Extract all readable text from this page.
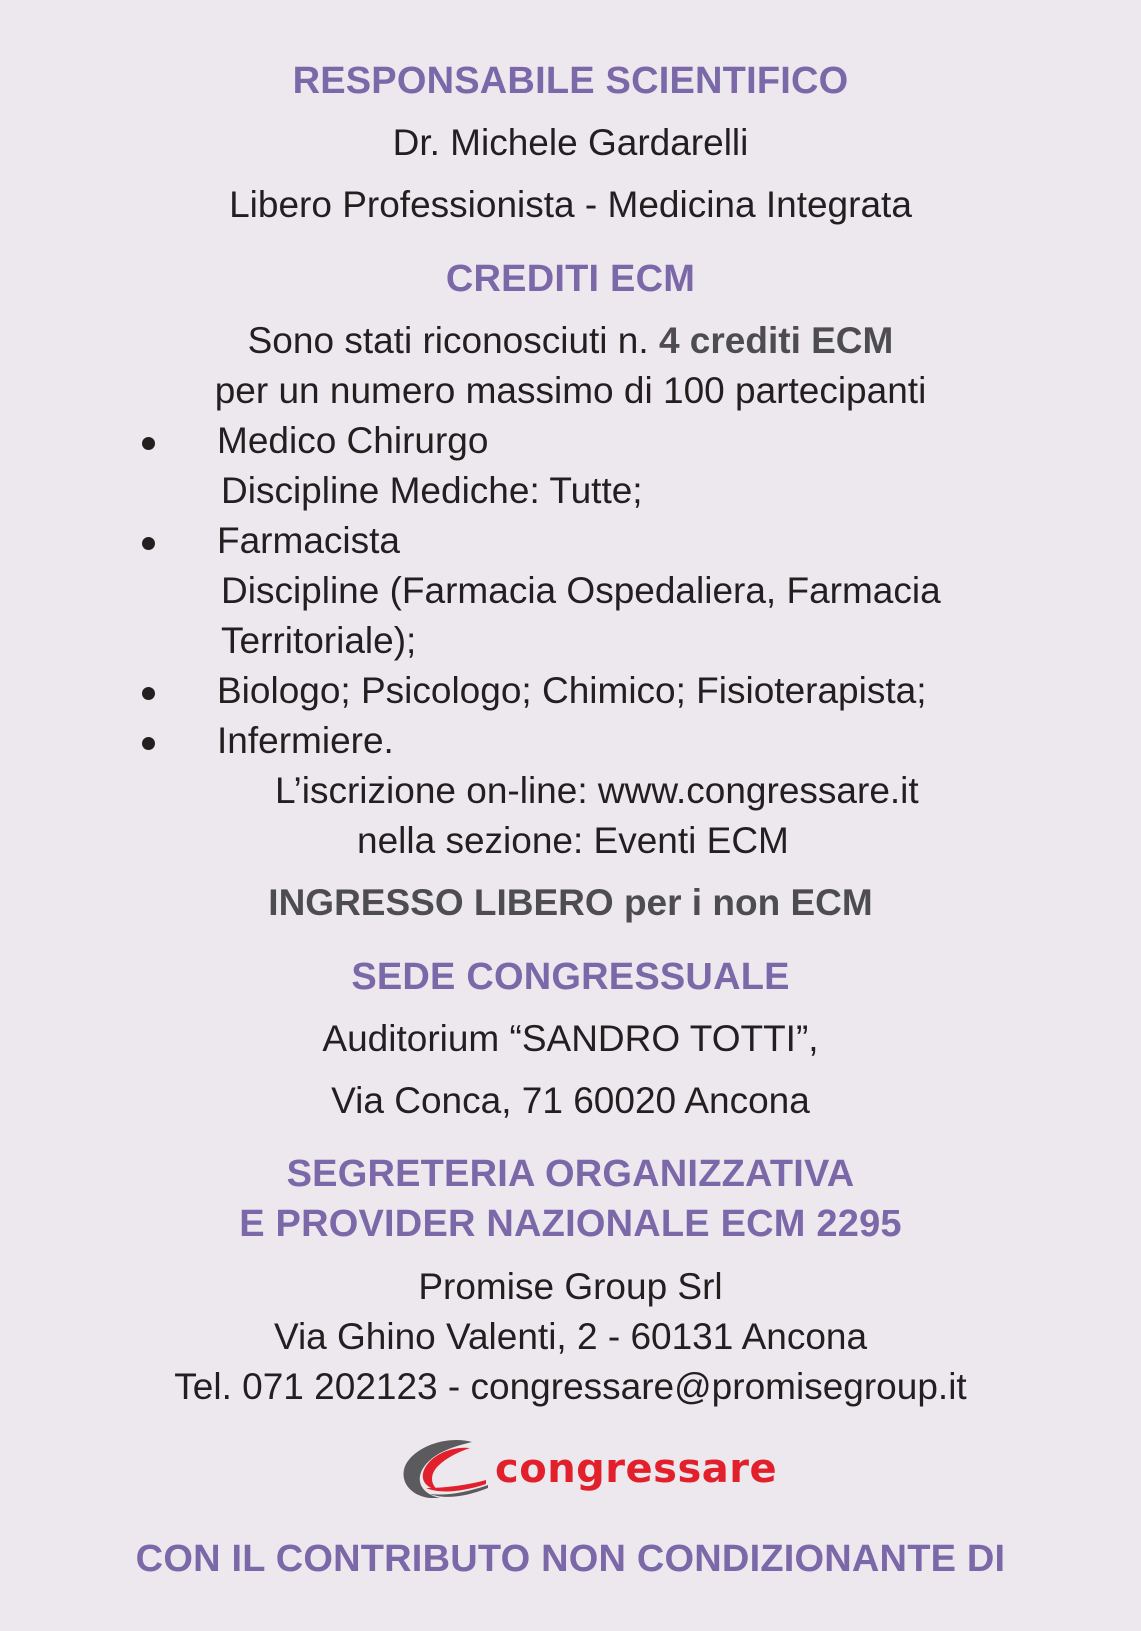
RESPONSABILE SCIENTIFICO
Dr. Michele Gardarelli
Libero Professionista - Medicina Integrata
CREDITI ECM
Sono stati riconosciuti n. 4 crediti ECM
per un numero massimo di 100 partecipanti
Medico Chirurgo
Discipline Mediche: Tutte;
Farmacista
Discipline (Farmacia Ospedaliera, Farmacia
Territoriale);
Biologo; Psicologo; Chimico; Fisioterapista;
Infermiere.
L’iscrizione on-line: www.congressare.it
nella sezione: Eventi ECM
INGRESSO LIBERO per i non ECM
SEDE CONGRESSUALE
Auditorium “SANDRO TOTTI”,
Via Conca, 71 60020 Ancona
SEGRETERIA ORGANIZZATIVA
E PROVIDER NAZIONALE ECM 2295
Promise Group Srl
Via Ghino Valenti, 2 - 60131 Ancona
Tel. 071 202123 - congressare@promisegroup.it
congressare
CON IL CONTRIBUTO NON CONDIZIONANTE DI
